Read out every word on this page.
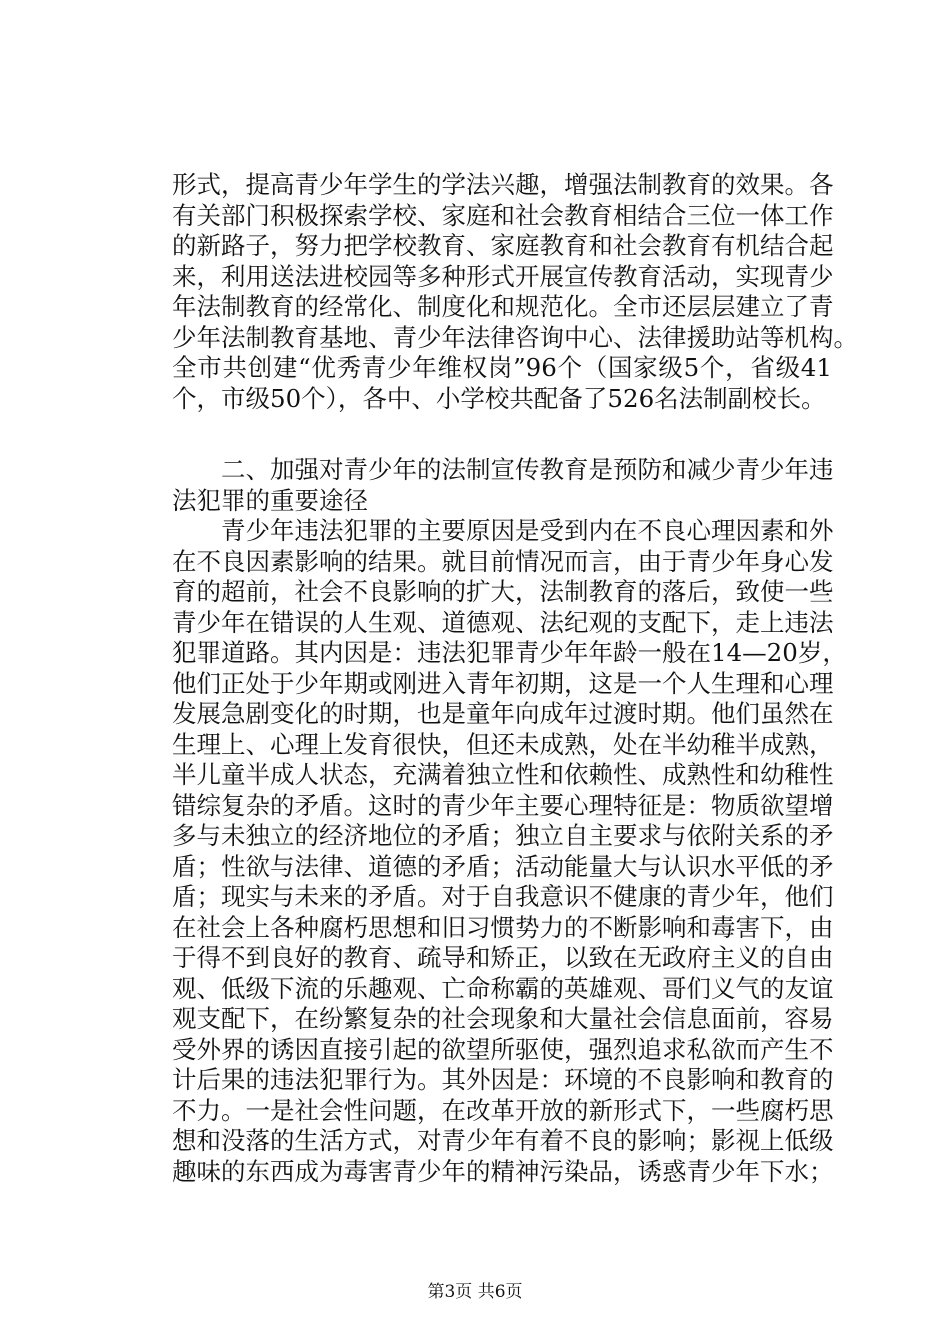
形式，提高青少年学生的学法兴趣，增强法制教育的效果。各
有关部门积极探索学校、家庭和社会教育相结合三位一体工作
的新路子，努力把学校教育、家庭教育和社会教育有机结合起
来，利用送法进校园等多种形式开展宣传教育活动，实现青少
年法制教育的经常化、制度化和规范化。全市还层层建立了青
少年法制教育基地、青少年法律咨询中心、法律援助站等机构。
全市共创建“优秀青少年维权岗”96个（国家级5个，省级41
个，市级50个），各中、小学校共配备了526名法制副校长。
二、加强对青少年的法制宣传教育是预防和减少青少年违
法犯罪的重要途径
青少年违法犯罪的主要原因是受到内在不良心理因素和外
在不良因素影响的结果。就目前情况而言，由于青少年身心发
育的超前，社会不良影响的扩大，法制教育的落后，致使一些
青少年在错误的人生观、道德观、法纪观的支配下，走上违法
犯罪道路。其内因是：违法犯罪青少年年龄一般在14—20岁，
他们正处于少年期或刚进入青年初期，这是一个人生理和心理
发展急剧变化的时期，也是童年向成年过渡时期。他们虽然在
生理上、心理上发育很快，但还未成熟，处在半幼稚半成熟，
半儿童半成人状态，充满着独立性和依赖性、成熟性和幼稚性
错综复杂的矛盾。这时的青少年主要心理特征是：物质欲望增
多与未独立的经济地位的矛盾；独立自主要求与依附关系的矛
盾；性欲与法律、道德的矛盾；活动能量大与认识水平低的矛
盾；现实与未来的矛盾。对于自我意识不健康的青少年，他们
在社会上各种腐朽思想和旧习惯势力的不断影响和毒害下，由
于得不到良好的教育、疏导和矫正，以致在无政府主义的自由
观、低级下流的乐趣观、亡命称霸的英雄观、哥们义气的友谊
观支配下，在纷繁复杂的社会现象和大量社会信息面前，容易
受外界的诱因直接引起的欲望所驱使，强烈追求私欲而产生不
计后果的违法犯罪行为。其外因是：环境的不良影响和教育的
不力。一是社会性问题，在改革开放的新形式下，一些腐朽思
想和没落的生活方式，对青少年有着不良的影响；影视上低级
趣味的东西成为毒害青少年的精神污染品，诱惑青少年下水；
第3页 共6页
